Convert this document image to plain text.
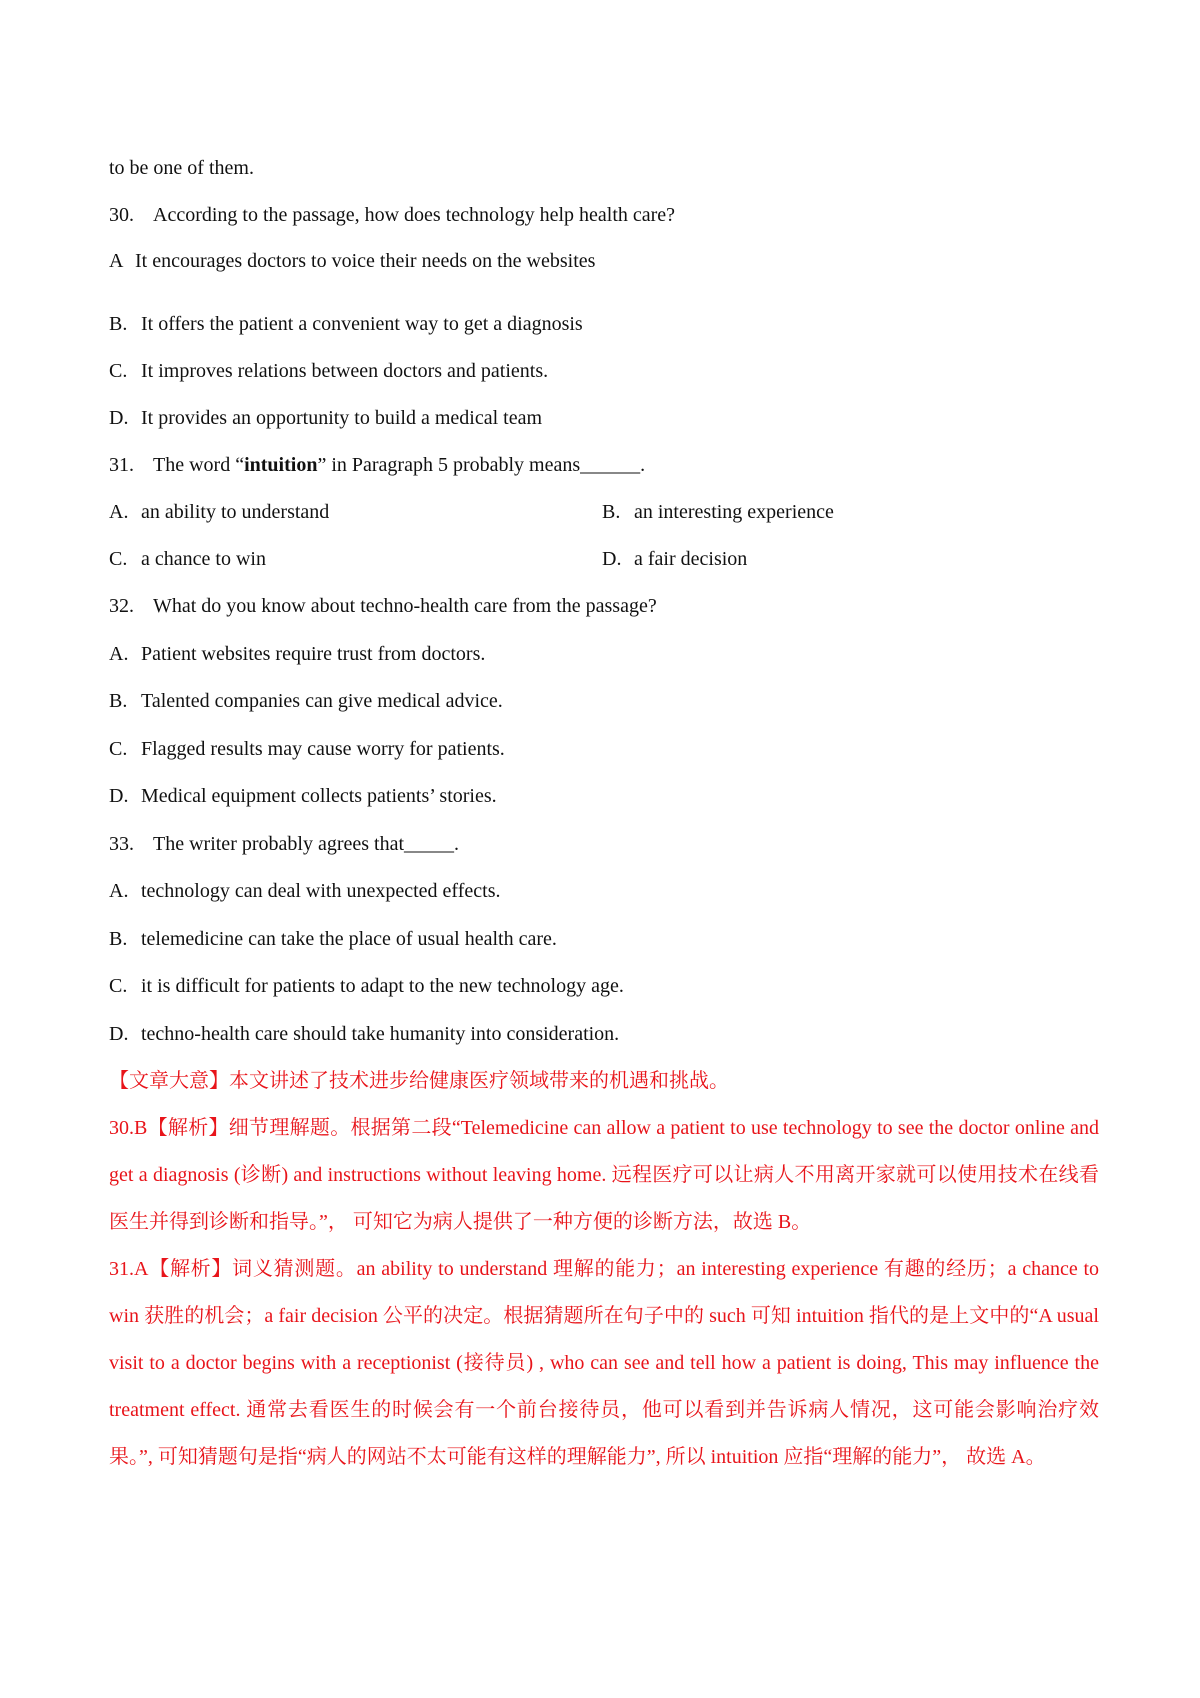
to be one of them.
30. According to the passage, how does technology help health care?
A It encourages doctors to voice their needs on the websites
B. It offers the patient a convenient way to get a diagnosis
C. It improves relations between doctors and patients.
D. It provides an opportunity to build a medical team
31. The word “intuition” in Paragraph 5 probably means______.
A. an ability to understand	B. an interesting experience
C. a chance to win	D. a fair decision
32. What do you know about techno-health care from the passage?
A. Patient websites require trust from doctors.
B. Talented companies can give medical advice.
C. Flagged results may cause worry for patients.
D. Medical equipment collects patients’ stories.
33. The writer probably agrees that_____.
A. technology can deal with unexpected effects.
B. telemedicine can take the place of usual health care.
C. it is difficult for patients to adapt to the new technology age.
D. techno-health care should take humanity into consideration.

【文章大意】本文讲述了技术进步给健康医疗领域带来的机遇和挑战。

30.B【解析】细节理解题。根据第二段“Telemedicine can allow a patient to use technology to see the doctor online and get a diagnosis (诊断) and instructions without leaving home. 远程医疗可以让病人不用离开家就可以使用技术在线看医生并得到诊断和指导。”， 可知它为病人提供了一种方便的诊断方法，故选 B。

31.A【解析】词义猜测题。an ability to understand 理解的能力；an interesting experience 有趣的经历；a chance to win 获胜的机会；a fair decision 公平的决定。根据猜题所在句子中的 such 可知 intuition 指代的是上文中的“A usual visit to a doctor begins with a receptionist (接待员) , who can see and tell how a patient is doing, This may influence the treatment effect. 通常去看医生的时候会有一个前台接待员，他可以看到并告诉病人情况，这可能会影响治疗效果。”, 可知猜题句是指“病人的网站不太可能有这样的理解能力”, 所以 intuition 应指“理解的能力”， 故选 A。
